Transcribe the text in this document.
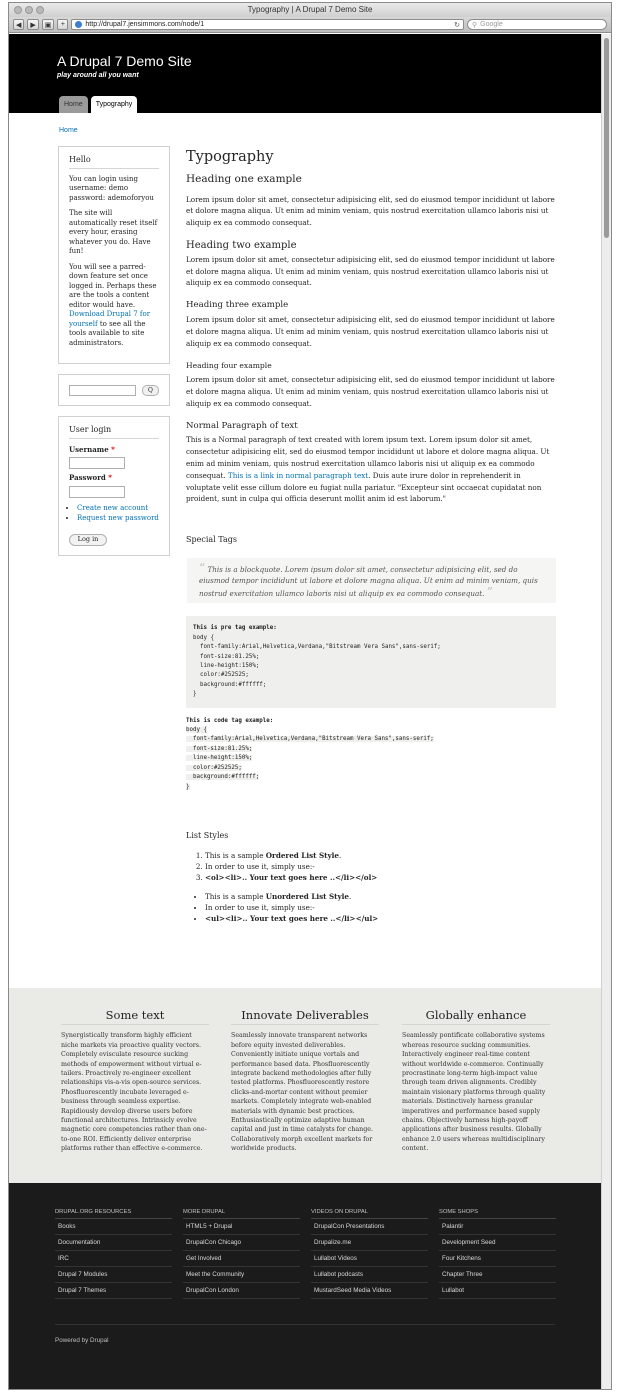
Typography | A Drupal 7 Demo Site
◀	▶	▣	+	http://drupal7.jensimmons.com/node/1	↻ ⚲ Google
A Drupal 7 Demo Site
play around all you want
Home	Typography
Home
Hello

You can login using username: demo password: ademoforyou

The site will automatically reset itself every hour, erasing whatever you do. Have fun!

You will see a parred-down feature set once logged in. Perhaps these are the tools a content editor would have. Download Drupal 7 for yourself to see all the tools available to site administrators.

Q
User login
Username *
Password *
• Create new account
• Request new password
Log in
Typography
Heading one example

Lorem ipsum dolor sit amet, consectetur adipisicing elit, sed do eiusmod tempor incididunt ut labore et dolore magna aliqua. Ut enim ad minim veniam, quis nostrud exercitation ullamco laboris nisi ut aliquip ex ea commodo consequat.

Heading two example

Lorem ipsum dolor sit amet, consectetur adipisicing elit, sed do eiusmod tempor incididunt ut labore et dolore magna aliqua. Ut enim ad minim veniam, quis nostrud exercitation ullamco laboris nisi ut aliquip ex ea commodo consequat.

Heading three example

Lorem ipsum dolor sit amet, consectetur adipisicing elit, sed do eiusmod tempor incididunt ut labore et dolore magna aliqua. Ut enim ad minim veniam, quis nostrud exercitation ullamco laboris nisi ut aliquip ex ea commodo consequat.

Heading four example

Lorem ipsum dolor sit amet, consectetur adipisicing elit, sed do eiusmod tempor incididunt ut labore et dolore magna aliqua. Ut enim ad minim veniam, quis nostrud exercitation ullamco laboris nisi ut aliquip ex ea commodo consequat.

Normal Paragraph of text

This is a Normal paragraph of text created with lorem ipsum text. Lorem ipsum dolor sit amet, consectetur adipisicing elit, sed do eiusmod tempor incididunt ut labore et dolore magna aliqua. Ut enim ad minim veniam, quis nostrud exercitation ullamco laboris nisi ut aliquip ex ea commodo consequat. This is a link in normal paragraph text. Duis aute irure dolor in reprehenderit in voluptate velit esse cillum dolore eu fugiat nulla pariatur. "Excepteur sint occaecat cupidatat non proident, sunt in culpa qui officia deserunt mollit anim id est laborum."

Special Tags
“ This is a blockquote. Lorem ipsum dolor sit amet, consectetur adipisicing elit, sed do eiusmod tempor incididunt ut labore et dolore magna aliqua. Ut enim ad minim veniam, quis nostrud exercitation ullamco laboris nisi ut aliquip ex ea commodo consequat. ”
This is pre tag example:
body {
font-family:Arial,Helvetica,Verdana,"Bitstream Vera Sans",sans-serif;
font-size:81.25%;
line-height:150%;
color:#252525;
background:#ffffff;
}
This is code tag example:
body {
font-family:Arial,Helvetica,Verdana,"Bitstream Vera Sans",sans-serif;
font-size:81.25%;
line-height:150%;
color:#252525;
background:#ffffff;
}
List Styles
1. This is a sample Ordered List Style.
2. In order to use it, simply use:-
3. <ol><li>.. Your text goes here ..</li></ol>
• This is a sample Unordered List Style.
• In order to use it, simply use:-
• <ul><li>.. Your text goes here ..</li></ul>
Some text

Synergistically transform highly efficient niche markets via proactive quality vectors. Completely evisculate resource sucking methods of empowerment without virtual e-tailers. Proactively re-engineer excellent relationships vis-a-vis open-source services. Phosfluorescently incubate leveraged e-business through seamless expertise. Rapidiously develop diverse users before functional architectures. Intrinsicly evolve magnetic core competencies rather than one-to-one ROI. Efficiently deliver enterprise platforms rather than effective e-commerce.

Innovate Deliverables

Seamlessly innovate transparent networks before equity invested deliverables. Conveniently initiate unique vortals and performance based data. Phosfluorescently integrate backend methodologies after fully tested platforms. Phosfluorescently restore clicks-and-mortar content without premier markets. Completely integrate web-enabled materials with dynamic best practices. Enthusiastically optimize adaptive human capital and just in time catalysts for change. Collaboratively morph excellent markets for worldwide products.

Globally enhance

Seamlessly pontificate collaborative systems whereas resource sucking communities. Interactively engineer real-time content without worldwide e-commerce. Continually procrastinate long-term high-impact value through team driven alignments. Credibly maintain visionary platforms through quality materials. Distinctively harness granular imperatives and performance based supply chains. Objectively harness high-payoff applications after business results. Globally enhance 2.0 users whereas multidisciplinary content.

DRUPAL.ORG RESOURCES
Books
Documentation
IRC
Drupal 7 Modules
Drupal 7 Themes
MORE DRUPAL
HTML5 + Drupal
DrupalCon Chicago
Get Involved
Meet the Community
DrupalCon London
VIDEOS ON DRUPAL
DrupalCon Presentations
Drupalize.me
Lullabot Videos
Lullabot podcasts
MustardSeed Media Videos
SOME SHOPS
Palantir
Development Seed
Four Kitchens
Chapter Three
Lullabot
Powered by Drupal
